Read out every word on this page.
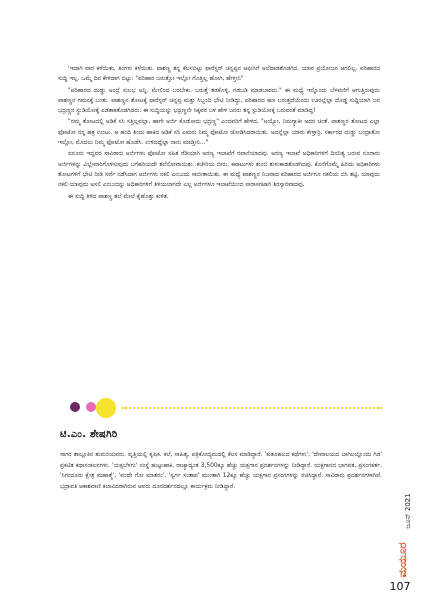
'ಇದಾಗಿ ವಾರ ಕಳೆಯಿತು, ತಿಂಗಳು ಕಳೆಯಿತು. ಪಾಶಣ್ಣ ತನ್ನ ಕೆಲಸಬಿಟ್ಟು ಫಾರೆಸ್ಟರ್ ಚನ್ನಪ್ಪನ ಆಫೀಸಿಗೆ ಅಲೆದಾಡತೊಡಗಿದ. ಯಾವ ಪ್ರಯೋಜನ ಆಗಲಿಲ್ಲ. ಪರಿಹಾರದ ಸುದ್ದಿ ಇಲ್ಲ. ಒಮ್ಮೆ ದಿನ ಕೇಳಿದಾಗ ಬಿಟ್ಟು: "ಪರಿಹಾರ ಬರುತ್ತೋ ಇಲ್ಲೋ ಗೊತ್ತಿಲ್ಲ ಹೋಗಿ, ಹೇಳ್ತೀನಿ"

"ಪರಿಹಾರದ ದುಡ್ಡು ಅಂದ್ರೆ ಸುಲಭ ಅನ್ನಿ. ಮೇಲಿಂದ ಬರಬೇಕು. ಬರುತ್ತೆ ತಡಕೊಳ್ಳಿ, ಗಡಬಡಿ ಮಾಡಬಾರದು." ಈ ಮಧ್ಯೆ ಇನ್ನೊಂದು ಬೆಳವಣಿಗೆ ಆಗುತ್ತಿರುವುದು ಪಾಶಣ್ಣನ ಗಮನಕ್ಕೆ ಬಂತು. ಪಾಶಣ್ಣನ ತೋಟಕ್ಕೆ ಫಾರೆಸ್ಟರ್ ಚನ್ನಪ್ಪ ಮತ್ತು ಸಿಬ್ಬಂದಿ ಭೇಟಿ ನೀಡಿದ್ದು, ಪರಿಹಾರದ ಹಣ ಬರುತ್ತದೆಯೆಂದು ಊರಲ್ಲೆಲ್ಲಾ ದೊಡ್ಡ ಸುದ್ದಿಯಾಗಿ ಜನ ಭದ್ರಣ್ಣನ ಸ್ಥುಡಿಯೋಕ್ಕೆ ಎಡತಾಕತೊಡಗಿದರು. ಈ ಸುದ್ದಿಯನ್ನು ಭದ್ರಣ್ಣನೇ ಸಿಕ್ಕವರ ಬಳಿ ಹೇಳಿ ಜನರು ತನ್ನ ಸ್ಟುಡಿಯೋಕ್ಕೆ ಬರುವಂತೆ ಮಾಡಿದ್ದ!

"ನಮ್ಮ ತೋಟದಲ್ಲಿ ಅಡಿಕೆ ಸಸಿ ಸತ್ತಿಲ್ಲವಲ್ಲಾ, ಹಾಗೇ ಅರ್ಜಿ ಕೊಡೋದು ಭದ್ರಣ್ಣ" ಎಂದವರಿಗೆ ಹೇಳಿದ, "ಅಯ್ಯೋ, ನಿಮಗ್ಯಾಕೀ ಅದರ ಚಿಂತೆ. ಪಾಶಣ್ಣನ ತೋಟದ ಎಲ್ಲಾ ಫೋಟೋ ನನ್ನ ಹತ್ರ ಉಂಟು. ಆ ಹಂದಿ ತಿಂದು ಹಾಕಿದ ಅಡಿಕೆ ಸಸಿ ಎಮರು ನಿಮ್ಮ ಫೋಟೋ ಜೋಡಿಸಿದರಾಯಿತು. ಅದನ್ನೆಲ್ಲಾ ಯಾರು ಕೇಳ್ತಾರ್ರಿ. ಸರ್ಕಾರದ ದುಡ್ಡು ಬಂದ್ರಾತೋ ಇಲ್ಲೋ, ಮೊದಲು ನಿಮ್ಮ ಫೋಟೋ ಹೊಡೆಸಿ. ಉಳಿದದ್ದೆಲ್ಲಾ ನಾನು ಮಾಡ್ತೀನಿ..."

ಐನೂರು ಇದ್ದವರ ಸಾವಿರಾರು ಅರ್ಜಿಗಳು ಫೋಟೋ ಸಹಿತ ರೆಡಿಯಾಗಿ ಅರಣ್ಯ ಇಲಾಖೆಗೆ ರವಾನೆಯಾದವು. ಅರಣ್ಯ ಇಲಾಖೆ ಅಧಿಕಾರಿಗಳಿಗೆ ದಿನನಿತ್ಯ ಬರುವ ನೂರಾರು ಅರ್ಜಿಗಳನ್ನು ವಿಲ್ಲೇವಾರಿಗೊಳಿಸುವುದು ಬಗೆಹರಿಯದೇ ತಲೆನೋವಾಯಿತು. ಕಚೇರಿಯ ಬೀರು, ಕಪಾಟುಗಳು ತುಂಬಿ ತುಳುಕಾಡತೊಡಗಿದವು. ಕೊನೆಗೊಮ್ಮೆ ಹಿರಿಯ ಅಧಿಕಾರಿಗಳು ತೋಟಗಳಿಗೆ ಭೇಟಿ ನೀಡಿ ಸರ್ವೆ ನಡೆಸಿದಾಗ ಅರ್ಜಿಗಳು ನಕಲಿ ಎಂಬುದು ಸಾಬೀತಾಯಿತು. ಈ ಮಧ್ಯೆ ಪಾಶಣ್ಣನ ನಿಜವಾದ ಪರಿಹಾರದ ಅರ್ಜಿಗೂ ನಕಲಿಯ ಬಿಸಿ ತಟ್ಟಿ, ಯಾವುದು ನಕಲಿ ಯಾವುದು ಅಸಲಿ ಎಂಬುದನ್ನು ಅಧಿಕಾರಿಗಳಿಗೆ ತಿಳಿಯಲಾಗದೇ ಎಲ್ಲ ಅರ್ಜಿಗಳೂ ಇಲಾಖೆಯಿಂದ ಸಾರಾಸಗಟಾಗಿ ತಿರಸ್ಕಾರವಾದವು.

ಈ ಸುದ್ದಿ ತಿಳಿದ ಪಾಶಣ್ಣ ತಲೆ ಮೇಲೆ ಕೈಹೊತ್ತು ಕುಳಿತ.

ಟಿ.ಎಂ. ಶೇಷಗಿರಿ

ಸಾಗರ ತಾಲ್ಲೂಕಿನ ತುಮರಿಯವರು. ವೃತ್ತಿಯಲ್ಲಿ ಕೃಷಿಕ. ಕಲೆ, ಸಾಹಿತ್ಯ, ಪತ್ರಿಕೋದ್ಯಮದಲ್ಲಿ ಕೆಲಸ ಮಾಡಿದ್ದಾರೆ. 'ಕುತೂಹಲದ ಕಥೆಗಳು', 'ದೇವಾಲಯದ ಬಾಗಿಲಲ್ಲೊಂದು ಗಿಡ' ಪ್ರಕಟಿತ ಕಥಾಸಂಕಲನಗಳು. 'ಯಕ್ಷಬೆಳಗು' ಸಂಸ್ಥೆ ಹುಟ್ಟುಹಾಕಿ, ರಾಜ್ಯಾದ್ಯಂತ 3,500ಕ್ಕೂ ಹೆಚ್ಚು ಯಕ್ಷಗಾನ ಪ್ರದರ್ಶನಗಳನ್ನು ನೀಡಿದ್ದಾರೆ. ಯಕ್ಷಗಾನದ ಭಾಗವತ, ಪ್ರಸಂಗಕರ್ತ. 'ಸಿಗಂದೂರು ಕ್ಷೇತ್ರ ಮಹಾತ್ಮೆ', 'ವಂದೇ ಗೋ ಮಾತರಂ', 'ಸ್ವರ್ಗ ಸಂತಾಪ' ಮುಂತಾಗಿ 12ಕ್ಕೂ ಹೆಚ್ಚು ಯಕ್ಷಗಾನ ಪ್ರಸಂಗಗಳನ್ನು ರಚಿಸಿದ್ದಾರೆ. ಸಾವಿರಾರು ಪ್ರದರ್ಶನಗಳಾಗಿವೆ. ಭದ್ರಾವತಿ ಆಕಾಶವಾಣಿ ಕಲಾವಿದರಾಗಿರುವ ಅವರು ದೂರದರ್ಶನದಲ್ಲೂ ಕಾರ್ಯಕ್ರಮ ನೀಡಿದ್ದಾರೆ.

ಜೂನ್ 2021
ಮಯೂರ
107
